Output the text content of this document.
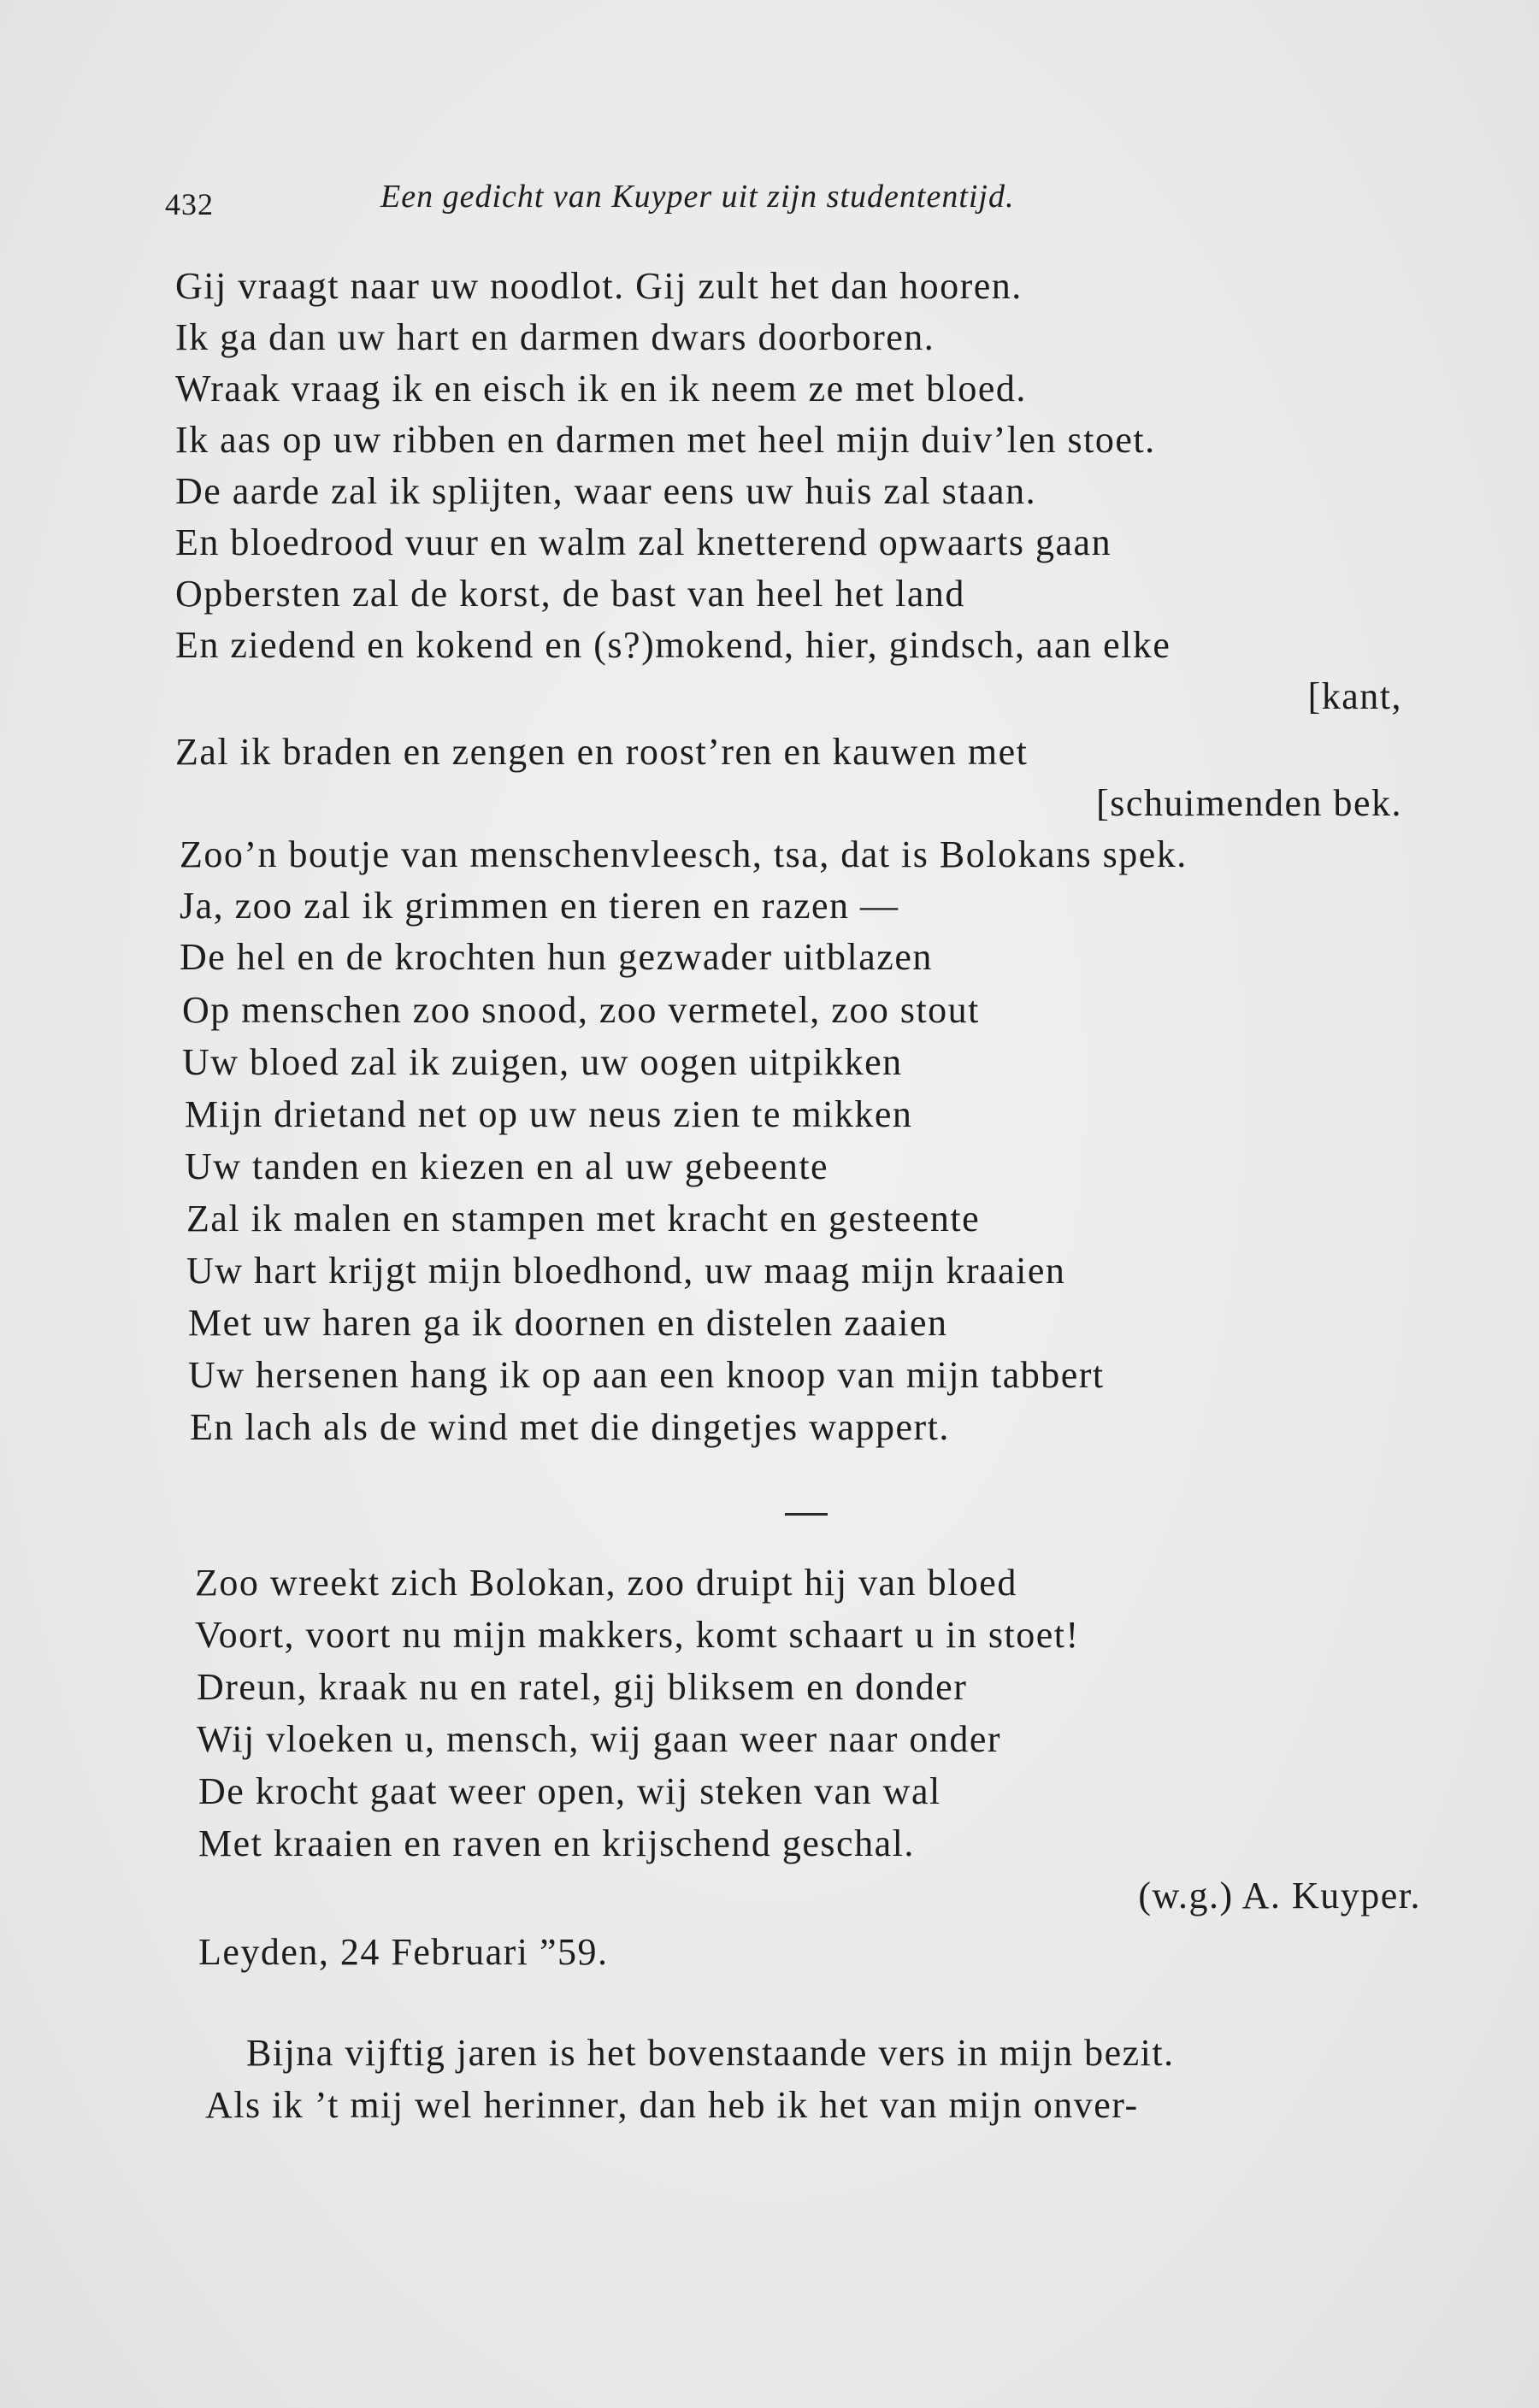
432	Een gedicht van Kuyper uit zijn studententijd.
Gij vraagt naar uw noodlot. Gij zult het dan hooren.
Ik ga dan uw hart en darmen dwars doorboren.
Wraak vraag ik en eisch ik en ik neem ze met bloed.
Ik aas op uw ribben en darmen met heel mijn duiv’len stoet.
De aarde zal ik splijten, waar eens uw huis zal staan.
En bloedrood vuur en walm zal knetterend opwaarts gaan
Opbersten zal de korst, de bast van heel het land
En ziedend en kokend en (s?)mokend, hier, gindsch, aan elke
[kant,
Zal ik braden en zengen en roost’ren en kauwen met
[schuimenden bek.
Zoo’n boutje van menschenvleesch, tsa, dat is Bolokans spek.
Ja, zoo zal ik grimmen en tieren en razen —
De hel en de krochten hun gezwader uitblazen
Op menschen zoo snood, zoo vermetel, zoo stout
Uw bloed zal ik zuigen, uw oogen uitpikken
Mijn drietand net op uw neus zien te mikken
Uw tanden en kiezen en al uw gebeente
Zal ik malen en stampen met kracht en gesteente
Uw hart krijgt mijn bloedhond, uw maag mijn kraaien
Met uw haren ga ik doornen en distelen zaaien
Uw hersenen hang ik op aan een knoop van mijn tabbert
En lach als de wind met die dingetjes wappert.
Zoo wreekt zich Bolokan, zoo druipt hij van bloed
Voort, voort nu mijn makkers, komt schaart u in stoet!
Dreun, kraak nu en ratel, gij bliksem en donder
Wij vloeken u, mensch, wij gaan weer naar onder
De krocht gaat weer open, wij steken van wal
Met kraaien en raven en krijschend geschal.
(w.g.) A. Kuyper.
Leyden, 24 Februari ”59.
Bijna vijftig jaren is het bovenstaande vers in mijn bezit.
Als ik ’t mij wel herinner, dan heb ik het van mijn onver-
